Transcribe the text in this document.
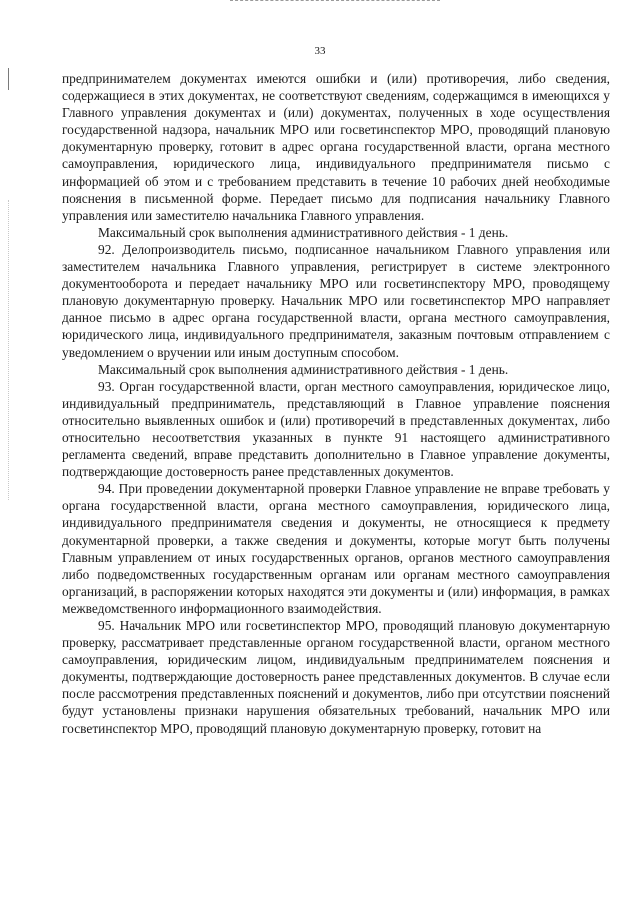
33

предпринимателем документах имеются ошибки и (или) противоречия, либо сведения, содержащиеся в этих документах, не соответствуют сведениям, содержащимся в имеющихся у Главного управления документах и (или) документах, полученных в ходе осуществления государственной надзора, начальник МРО или госветинспектор МРО, проводящий плановую документарную проверку, готовит в адрес органа государственной власти, органа местного самоуправления, юридического лица, индивидуального предпринимателя письмо с информацией об этом и с требованием представить в течение 10 рабочих дней необходимые пояснения в письменной форме. Передает письмо для подписания начальнику Главного управления или заместителю начальника Главного управления.

Максимальный срок выполнения административного действия - 1 день.

92. Делопроизводитель письмо, подписанное начальником Главного управления или заместителем начальника Главного управления, регистрирует в системе электронного документооборота и передает начальнику МРО или госветинспектору МРО, проводящему плановую документарную проверку. Начальник МРО или госветинспектор МРО направляет данное письмо в адрес органа государственной власти, органа местного самоуправления, юридического лица, индивидуального предпринимателя, заказным почтовым отправлением с уведомлением о вручении или иным доступным способом.

Максимальный срок выполнения административного действия - 1 день.

93. Орган государственной власти, орган местного самоуправления, юридическое лицо, индивидуальный предприниматель, представляющий в Главное управление пояснения относительно выявленных ошибок и (или) противоречий в представленных документах, либо относительно несоответствия указанных в пункте 91 настоящего административного регламента сведений, вправе представить дополнительно в Главное управление документы, подтверждающие достоверность ранее представленных документов.

94. При проведении документарной проверки Главное управление не вправе требовать у органа государственной власти, органа местного самоуправления, юридического лица, индивидуального предпринимателя сведения и документы, не относящиеся к предмету документарной проверки, а также сведения и документы, которые могут быть получены Главным управлением от иных государственных органов, органов местного самоуправления либо подведомственных государственным органам или органам местного самоуправления организаций, в распоряжении которых находятся эти документы и (или) информация, в рамках межведомственного информационного взаимодействия.

95. Начальник МРО или госветинспектор МРО, проводящий плановую документарную проверку, рассматривает представленные органом государственной власти, органом местного самоуправления, юридическим лицом, индивидуальным предпринимателем пояснения и документы, подтверждающие достоверность ранее представленных документов. В случае если после рассмотрения представленных пояснений и документов, либо при отсутствии пояснений будут установлены признаки нарушения обязательных требований, начальник МРО или госветинспектор МРО, проводящий плановую документарную проверку, готовит на
